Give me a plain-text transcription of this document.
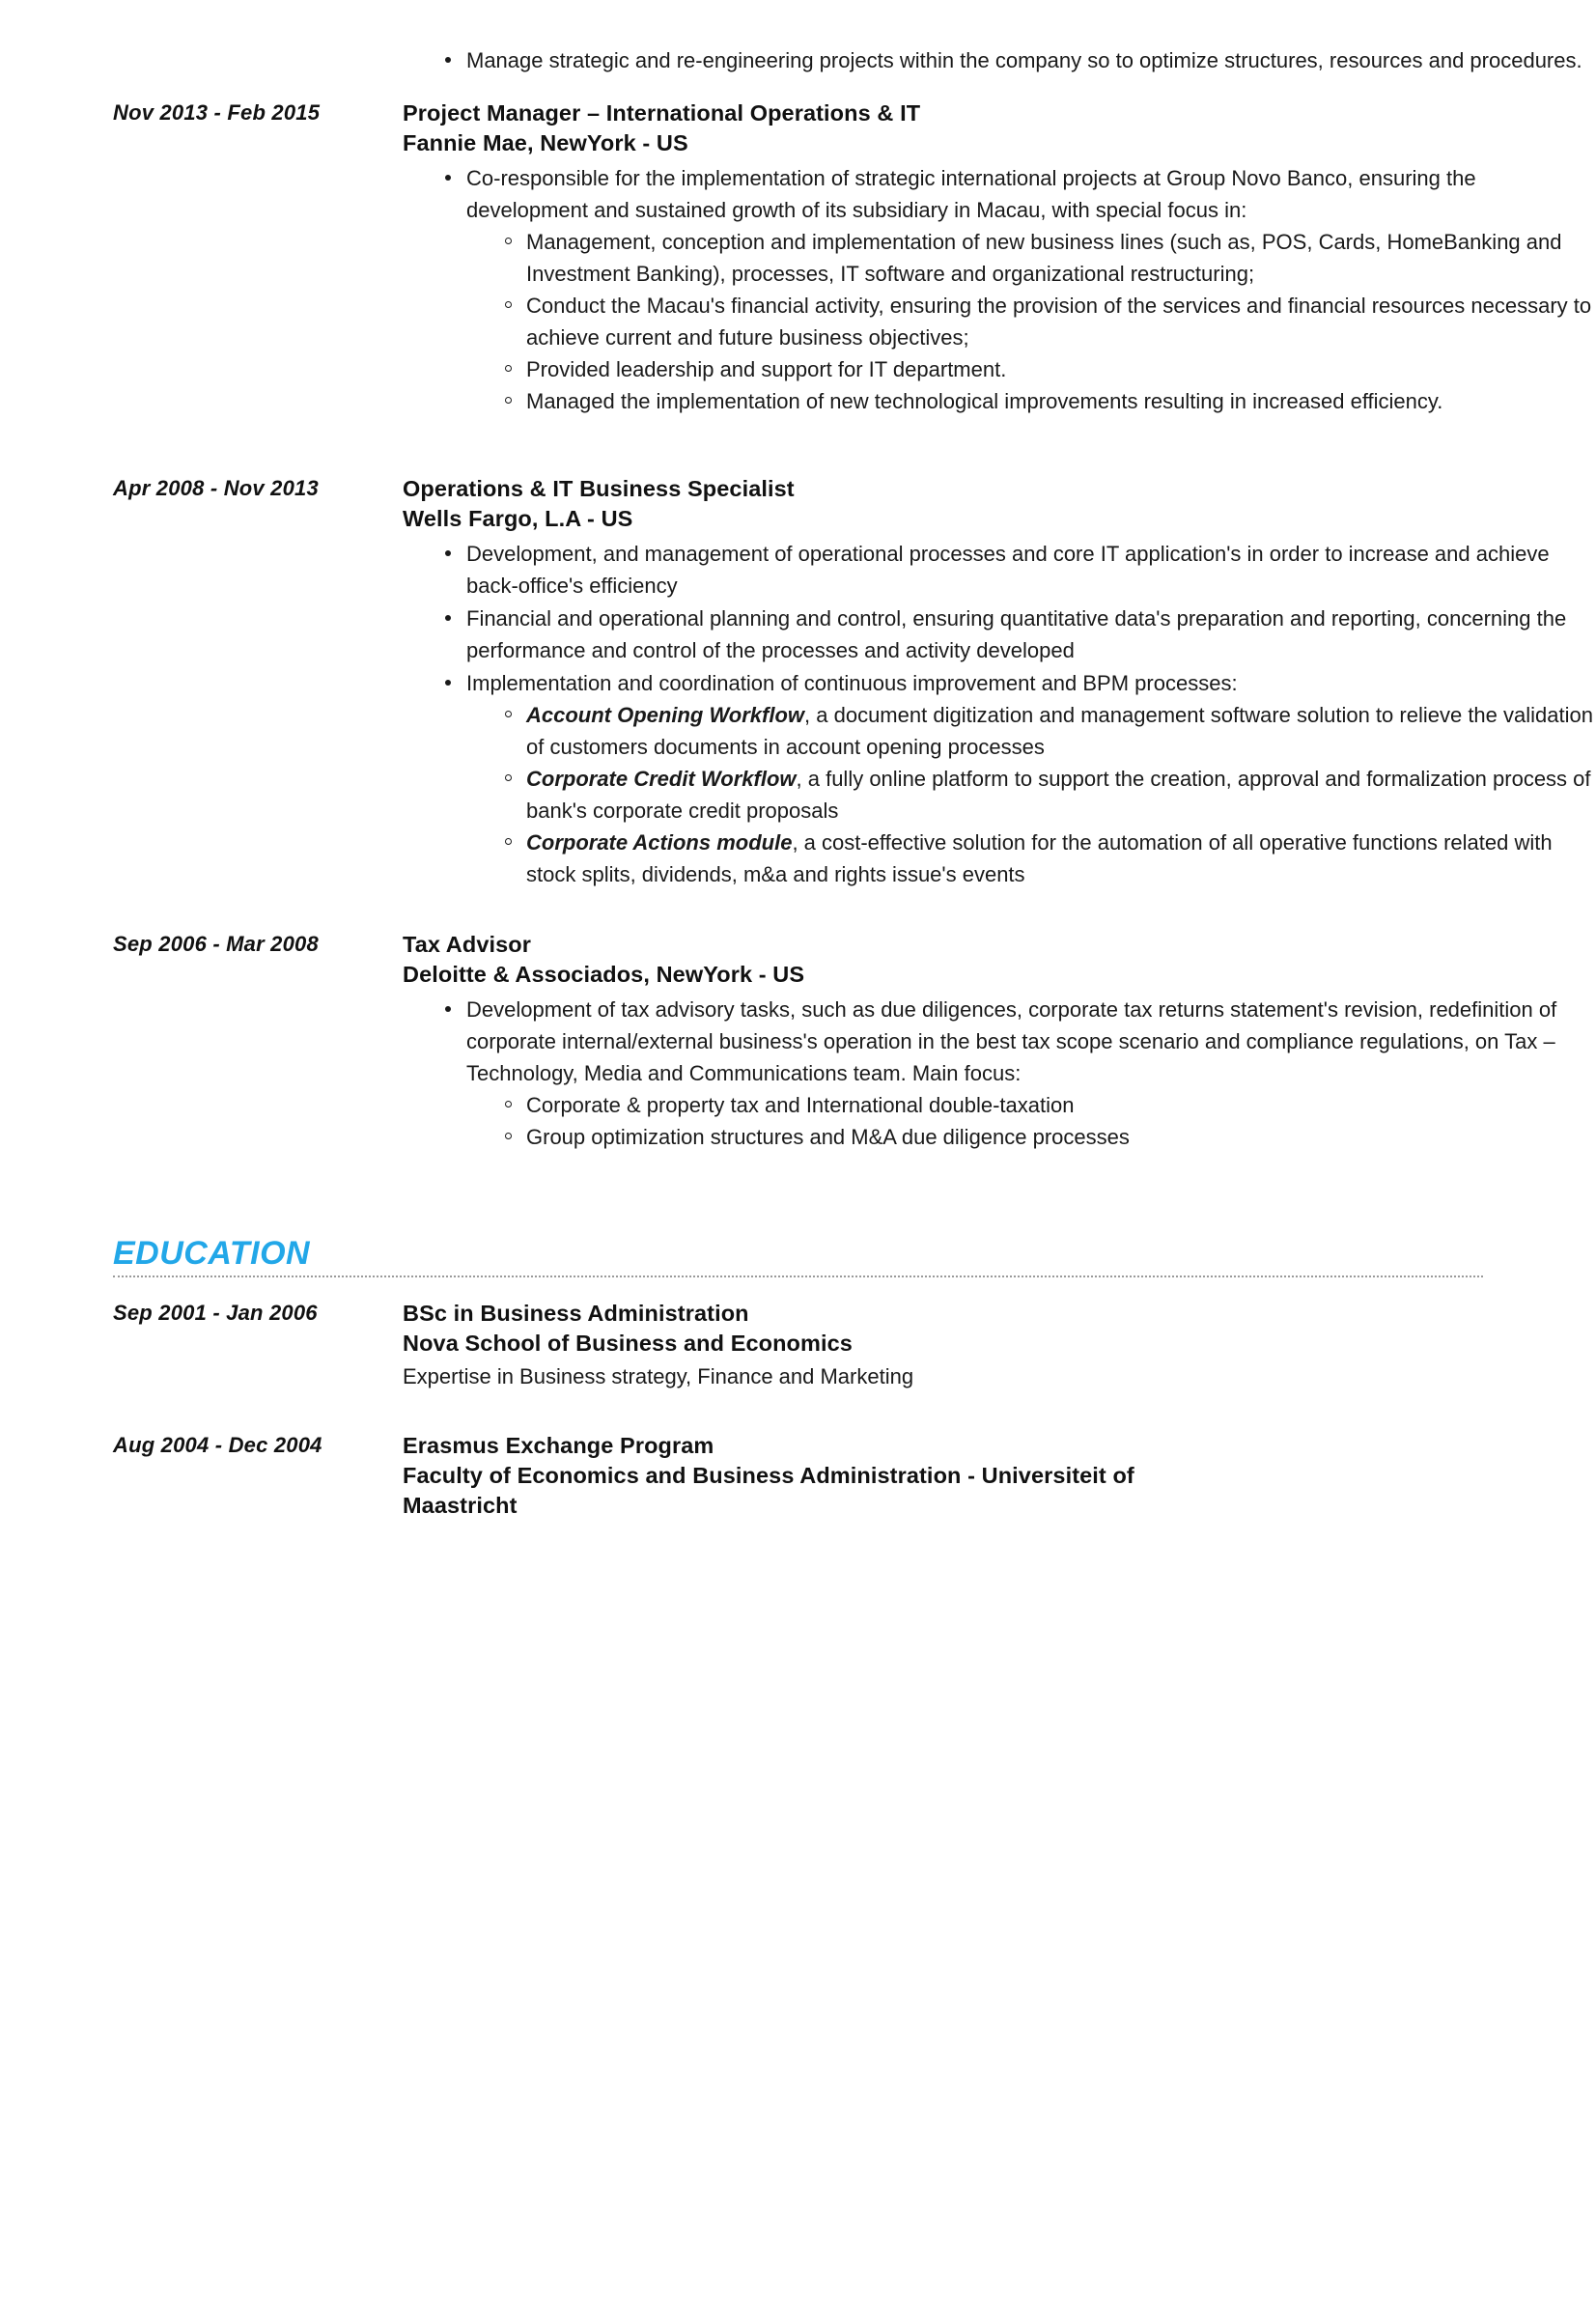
Manage strategic and re-engineering projects within the company so to optimize structures, resources and procedures.
Nov 2013 - Feb 2015	Project Manager – International Operations & IT
Fannie Mae, NewYork - US
Co-responsible for the implementation of strategic international projects at Group Novo Banco, ensuring the development and sustained growth of its subsidiary in Macau, with special focus in:
Management, conception and implementation of new business lines (such as, POS, Cards, HomeBanking and Investment Banking), processes, IT software and organizational restructuring;
Conduct the Macau's financial activity, ensuring the provision of the services and financial resources necessary to achieve current and future business objectives;
Provided leadership and support for IT department.
Managed the implementation of new technological improvements resulting in increased efficiency.
Apr 2008 - Nov 2013	Operations & IT Business Specialist
Wells Fargo, L.A - US
Development, and management of operational processes and core IT application's in order to increase and achieve back-office's efficiency
Financial and operational planning and control, ensuring quantitative data's preparation and reporting, concerning the performance and control of the processes and activity developed
Implementation and coordination of continuous improvement and BPM processes:
Account Opening Workflow, a document digitization and management software solution to relieve the validation of customers documents in account opening processes
Corporate Credit Workflow, a fully online platform to support the creation, approval and formalization process of bank's corporate credit proposals
Corporate Actions module, a cost-effective solution for the automation of all operative functions related with stock splits, dividends, m&a and rights issue's events
Sep 2006 - Mar 2008	Tax Advisor
Deloitte & Associados, NewYork - US
Development of tax advisory tasks, such as due diligences, corporate tax returns statement's revision, redefinition of corporate internal/external business's operation in the best tax scope scenario and compliance regulations, on Tax – Technology, Media and Communications team. Main focus:
Corporate & property tax and International double-taxation
Group optimization structures and M&A due diligence processes
EDUCATION
Sep 2001 - Jan 2006	BSc in Business Administration
Nova School of Business and Economics
Expertise in Business strategy, Finance and Marketing
Aug 2004 - Dec 2004	Erasmus Exchange Program
Faculty of Economics and Business Administration - Universiteit of Maastricht
